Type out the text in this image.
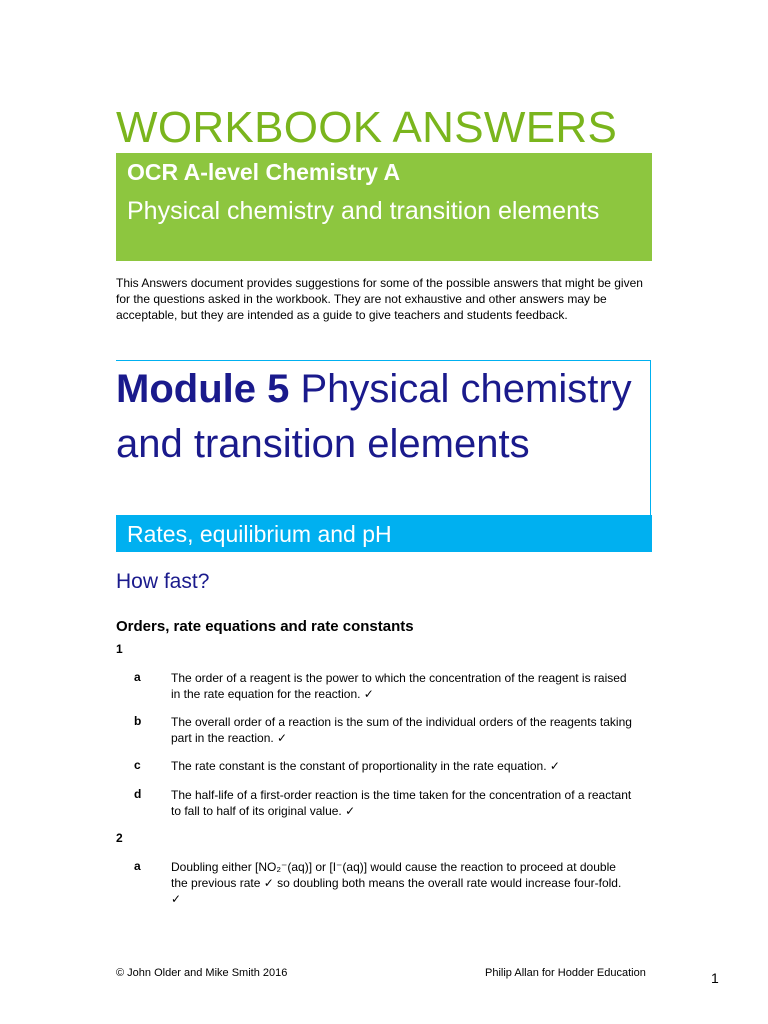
WORKBOOK ANSWERS
OCR A-level Chemistry A
Physical chemistry and transition elements

This Answers document provides suggestions for some of the possible answers that might be given for the questions asked in the workbook. They are not exhaustive and other answers may be acceptable, but they are intended as a guide to give teachers and students feedback.

Module 5 Physical chemistry and transition elements
Rates, equilibrium and pH
How fast?
Orders, rate equations and rate constants
1
a	The order of a reagent is the power to which the concentration of the reagent is raised in the rate equation for the reaction. ✓
b The overall order of a reaction is the sum of the individual orders of the reagents taking part in the reaction. ✓
c	The rate constant is the constant of proportionality in the rate equation. ✓
d The half-life of a first-order reaction is the time taken for the concentration of a reactant to fall to half of its original value. ✓
2
a	Doubling either [NO₂⁻(aq)] or [I⁻(aq)] would cause the reaction to proceed at double the previous rate ✓ so doubling both means the overall rate would increase four-fold. ✓
© John Older and Mike Smith 2016	Philip Allan for Hodder Education	1
